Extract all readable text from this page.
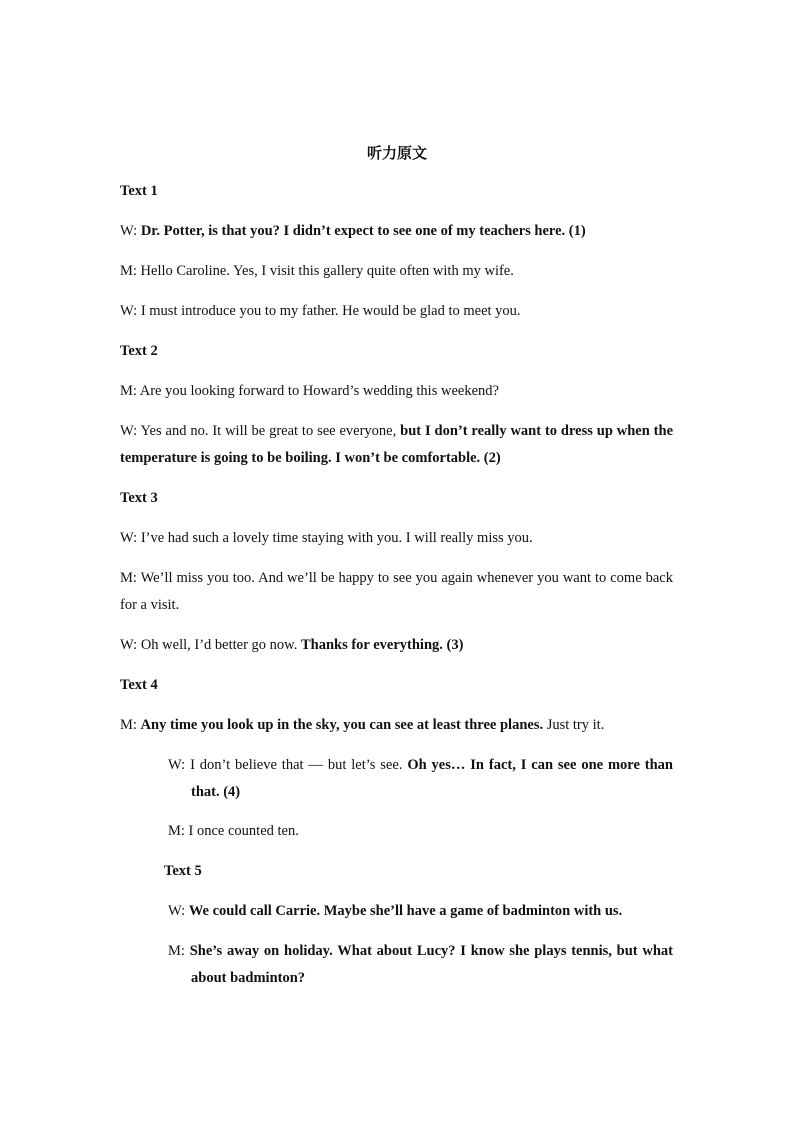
听力原文
Text 1
W: Dr. Potter, is that you? I didn’t expect to see one of my teachers here. (1)
M: Hello Caroline. Yes, I visit this gallery quite often with my wife.
W: I must introduce you to my father. He would be glad to meet you.
Text 2
M: Are you looking forward to Howard’s wedding this weekend?
W: Yes and no. It will be great to see everyone, but I don’t really want to dress up when the temperature is going to be boiling. I won’t be comfortable. (2)
Text 3
W: I’ve had such a lovely time staying with you. I will really miss you.
M: We’ll miss you too. And we’ll be happy to see you again whenever you want to come back for a visit.
W: Oh well, I’d better go now. Thanks for everything. (3)
Text 4
M: Any time you look up in the sky, you can see at least three planes. Just try it.
W: I don’t believe that — but let’s see. Oh yes… In fact, I can see one more than that. (4)
M: I once counted ten.
Text 5
W: We could call Carrie. Maybe she’ll have a game of badminton with us.
M: She’s away on holiday. What about Lucy? I know she plays tennis, but what about badminton?
